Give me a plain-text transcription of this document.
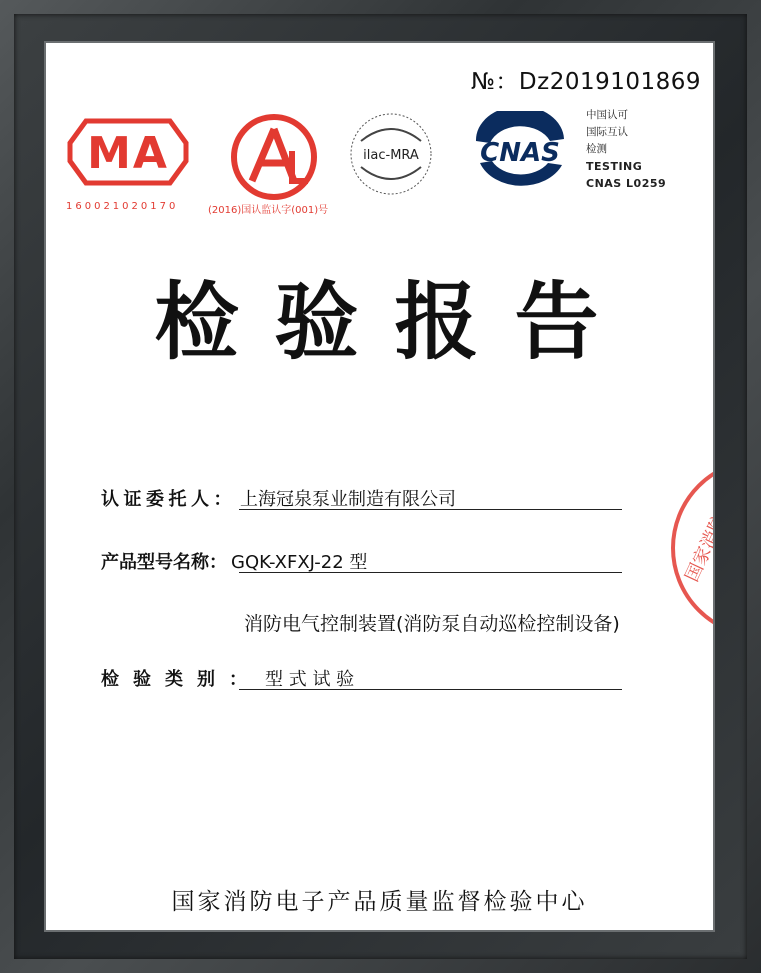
№：Dz2019101869
MA
160021020170	(2016)国认监认字(001)号
ilac-MRA CNAS
中国认可
国际互认
检测
TESTING
CNAS L0259
检验报告
认证委托人： 上海冠泉泵业制造有限公司
产品型号名称： GQK-XFXJ-22 型
消防电气控制装置(消防泵自动巡检控制设备)
检验类别： 型 式 试 验
国家消防
国家消防电子产品质量监督检验中心
